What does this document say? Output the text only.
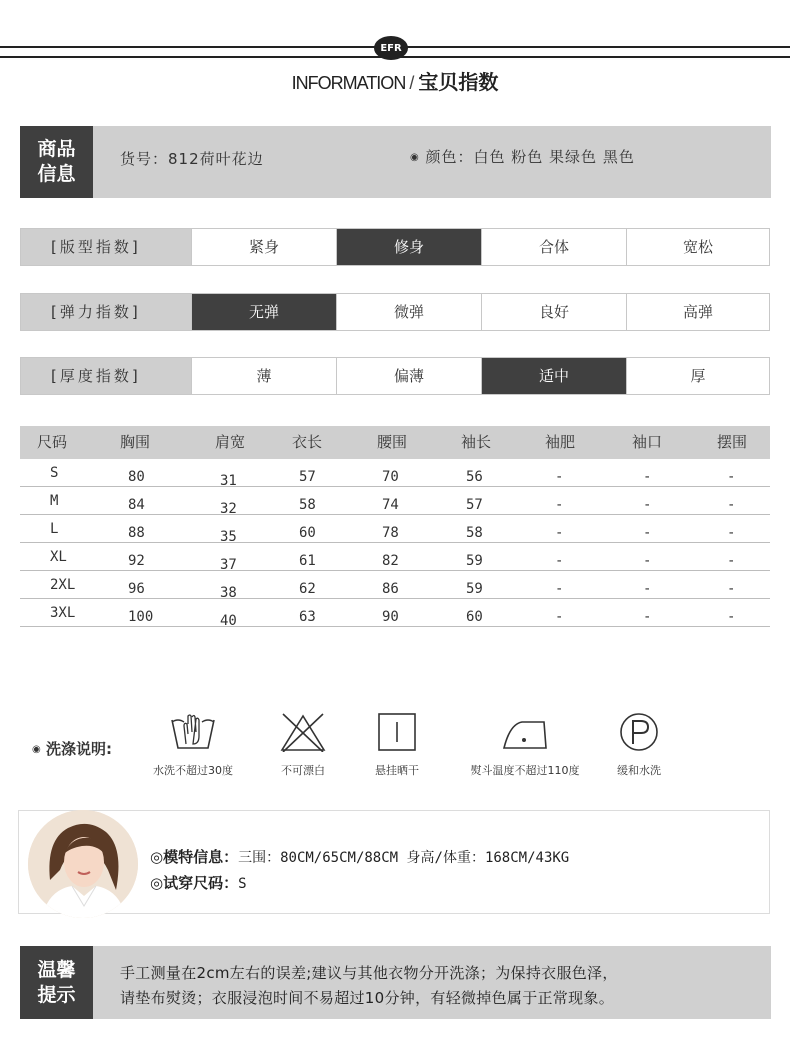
EFR
INFORMATION / 宝贝指数
商品
信息
货号：812荷叶花边	◉ 颜色：白色 粉色 果绿色 黑色
[版型指数]	紧身	修身	合体	宽松
[弹力指数]	无弹	微弹	良好	高弹
[厚度指数]	薄	偏薄	适中	厚
尺码	胸围	肩宽	衣长	腰围	袖长	袖肥	袖口	摆围
S	80	31	57	70	56	-	-	-
M	84	32	58	74	57	-	-	-
L	88	35	60	78	58	-	-	-
XL	92	37	61	82	59	-	-	-
2XL	96	38	62	86	59	-	-	-
3XL	100	40	63	90	60	-	-	-
◉ 洗涤说明:
水洗不超过30度	不可漂白	悬挂晒干	熨斗温度不超过110度	缓和水洗
◎模特信息：三围：80CM/65CM/88CM 身高/体重：168CM/43KG
◎试穿尺码：S
温馨
提示
手工测量在2cm左右的误差;建议与其他衣物分开洗涤；为保持衣服色泽，
请垫布熨烫；衣服浸泡时间不易超过10分钟，有轻微掉色属于正常现象。
